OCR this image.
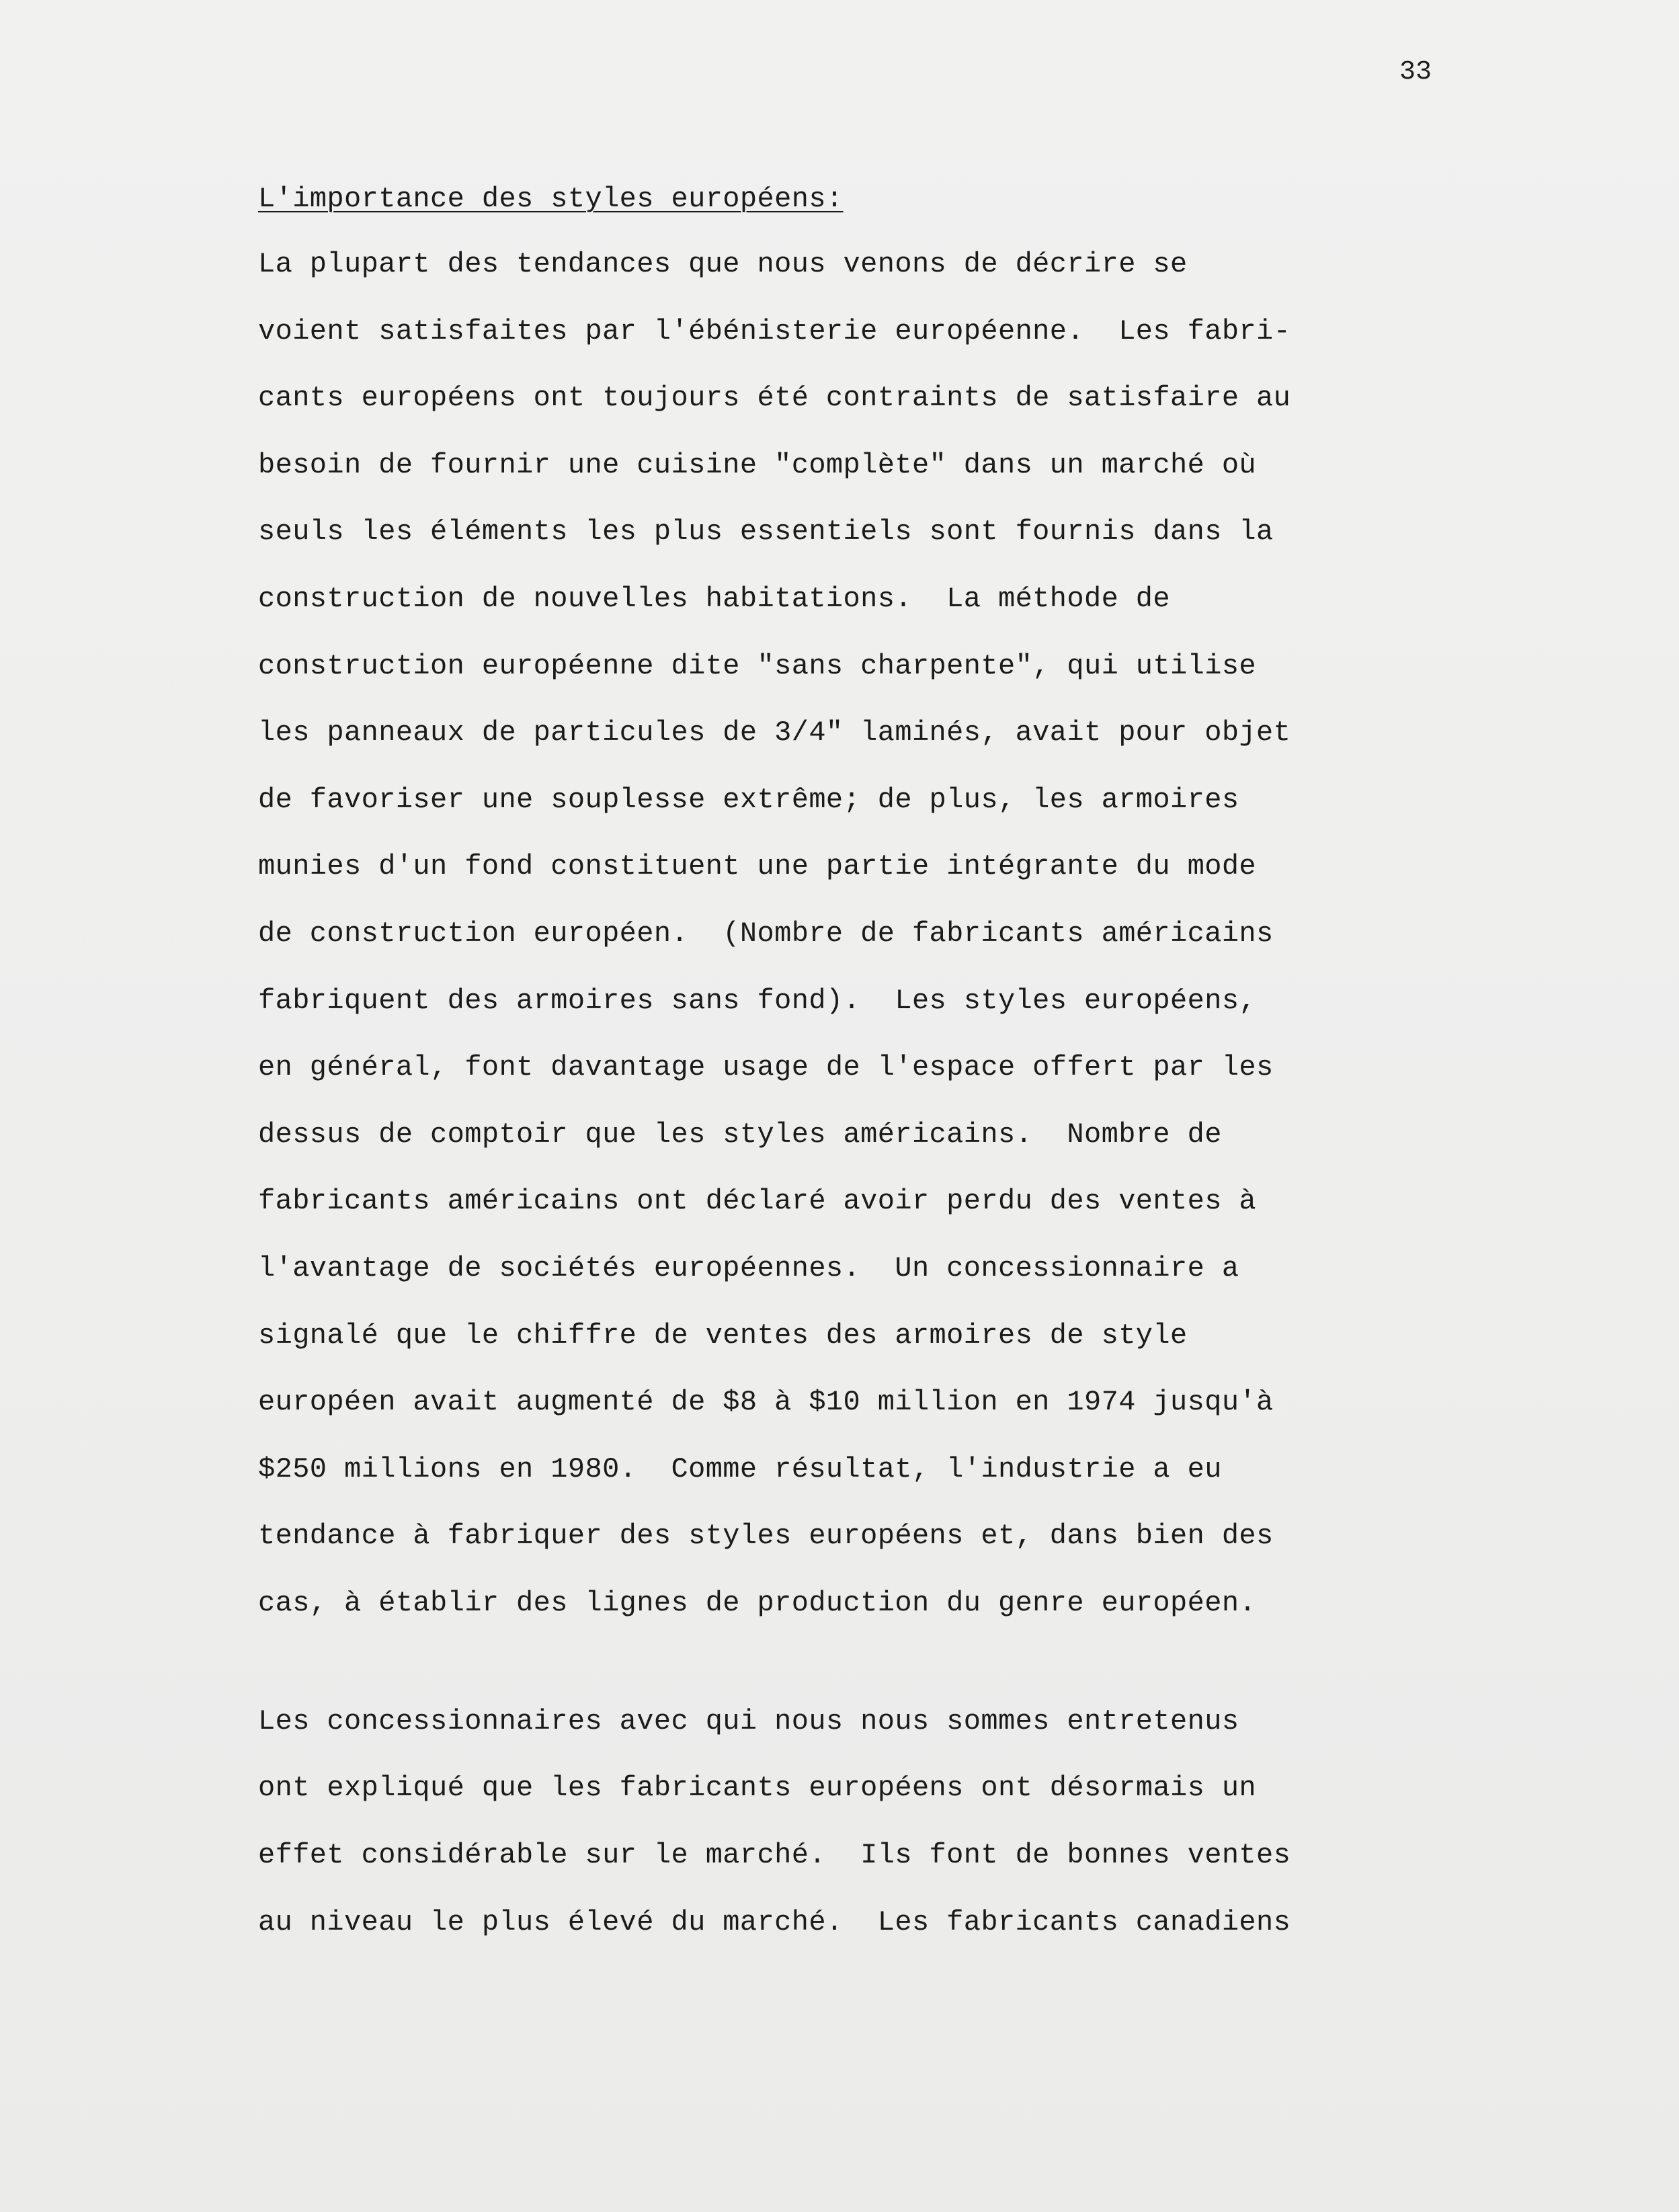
33
L'importance des styles européens:
La plupart des tendances que nous venons de décrire se
voient satisfaites par l'ébénisterie européenne.  Les fabri-
cants européens ont toujours été contraints de satisfaire au
besoin de fournir une cuisine "complète" dans un marché où
seuls les éléments les plus essentiels sont fournis dans la
construction de nouvelles habitations.  La méthode de
construction européenne dite "sans charpente", qui utilise
les panneaux de particules de 3/4" laminés, avait pour objet
de favoriser une souplesse extrême; de plus, les armoires
munies d'un fond constituent une partie intégrante du mode
de construction européen.  (Nombre de fabricants américains
fabriquent des armoires sans fond).  Les styles européens,
en général, font davantage usage de l'espace offert par les
dessus de comptoir que les styles américains.  Nombre de
fabricants américains ont déclaré avoir perdu des ventes à
l'avantage de sociétés européennes.  Un concessionnaire a
signalé que le chiffre de ventes des armoires de style
européen avait augmenté de $8 à $10 million en 1974 jusqu'à
$250 millions en 1980.  Comme résultat, l'industrie a eu
tendance à fabriquer des styles européens et, dans bien des
cas, à établir des lignes de production du genre européen.
Les concessionnaires avec qui nous nous sommes entretenus
ont expliqué que les fabricants européens ont désormais un
effet considérable sur le marché.  Ils font de bonnes ventes
au niveau le plus élevé du marché.  Les fabricants canadiens
